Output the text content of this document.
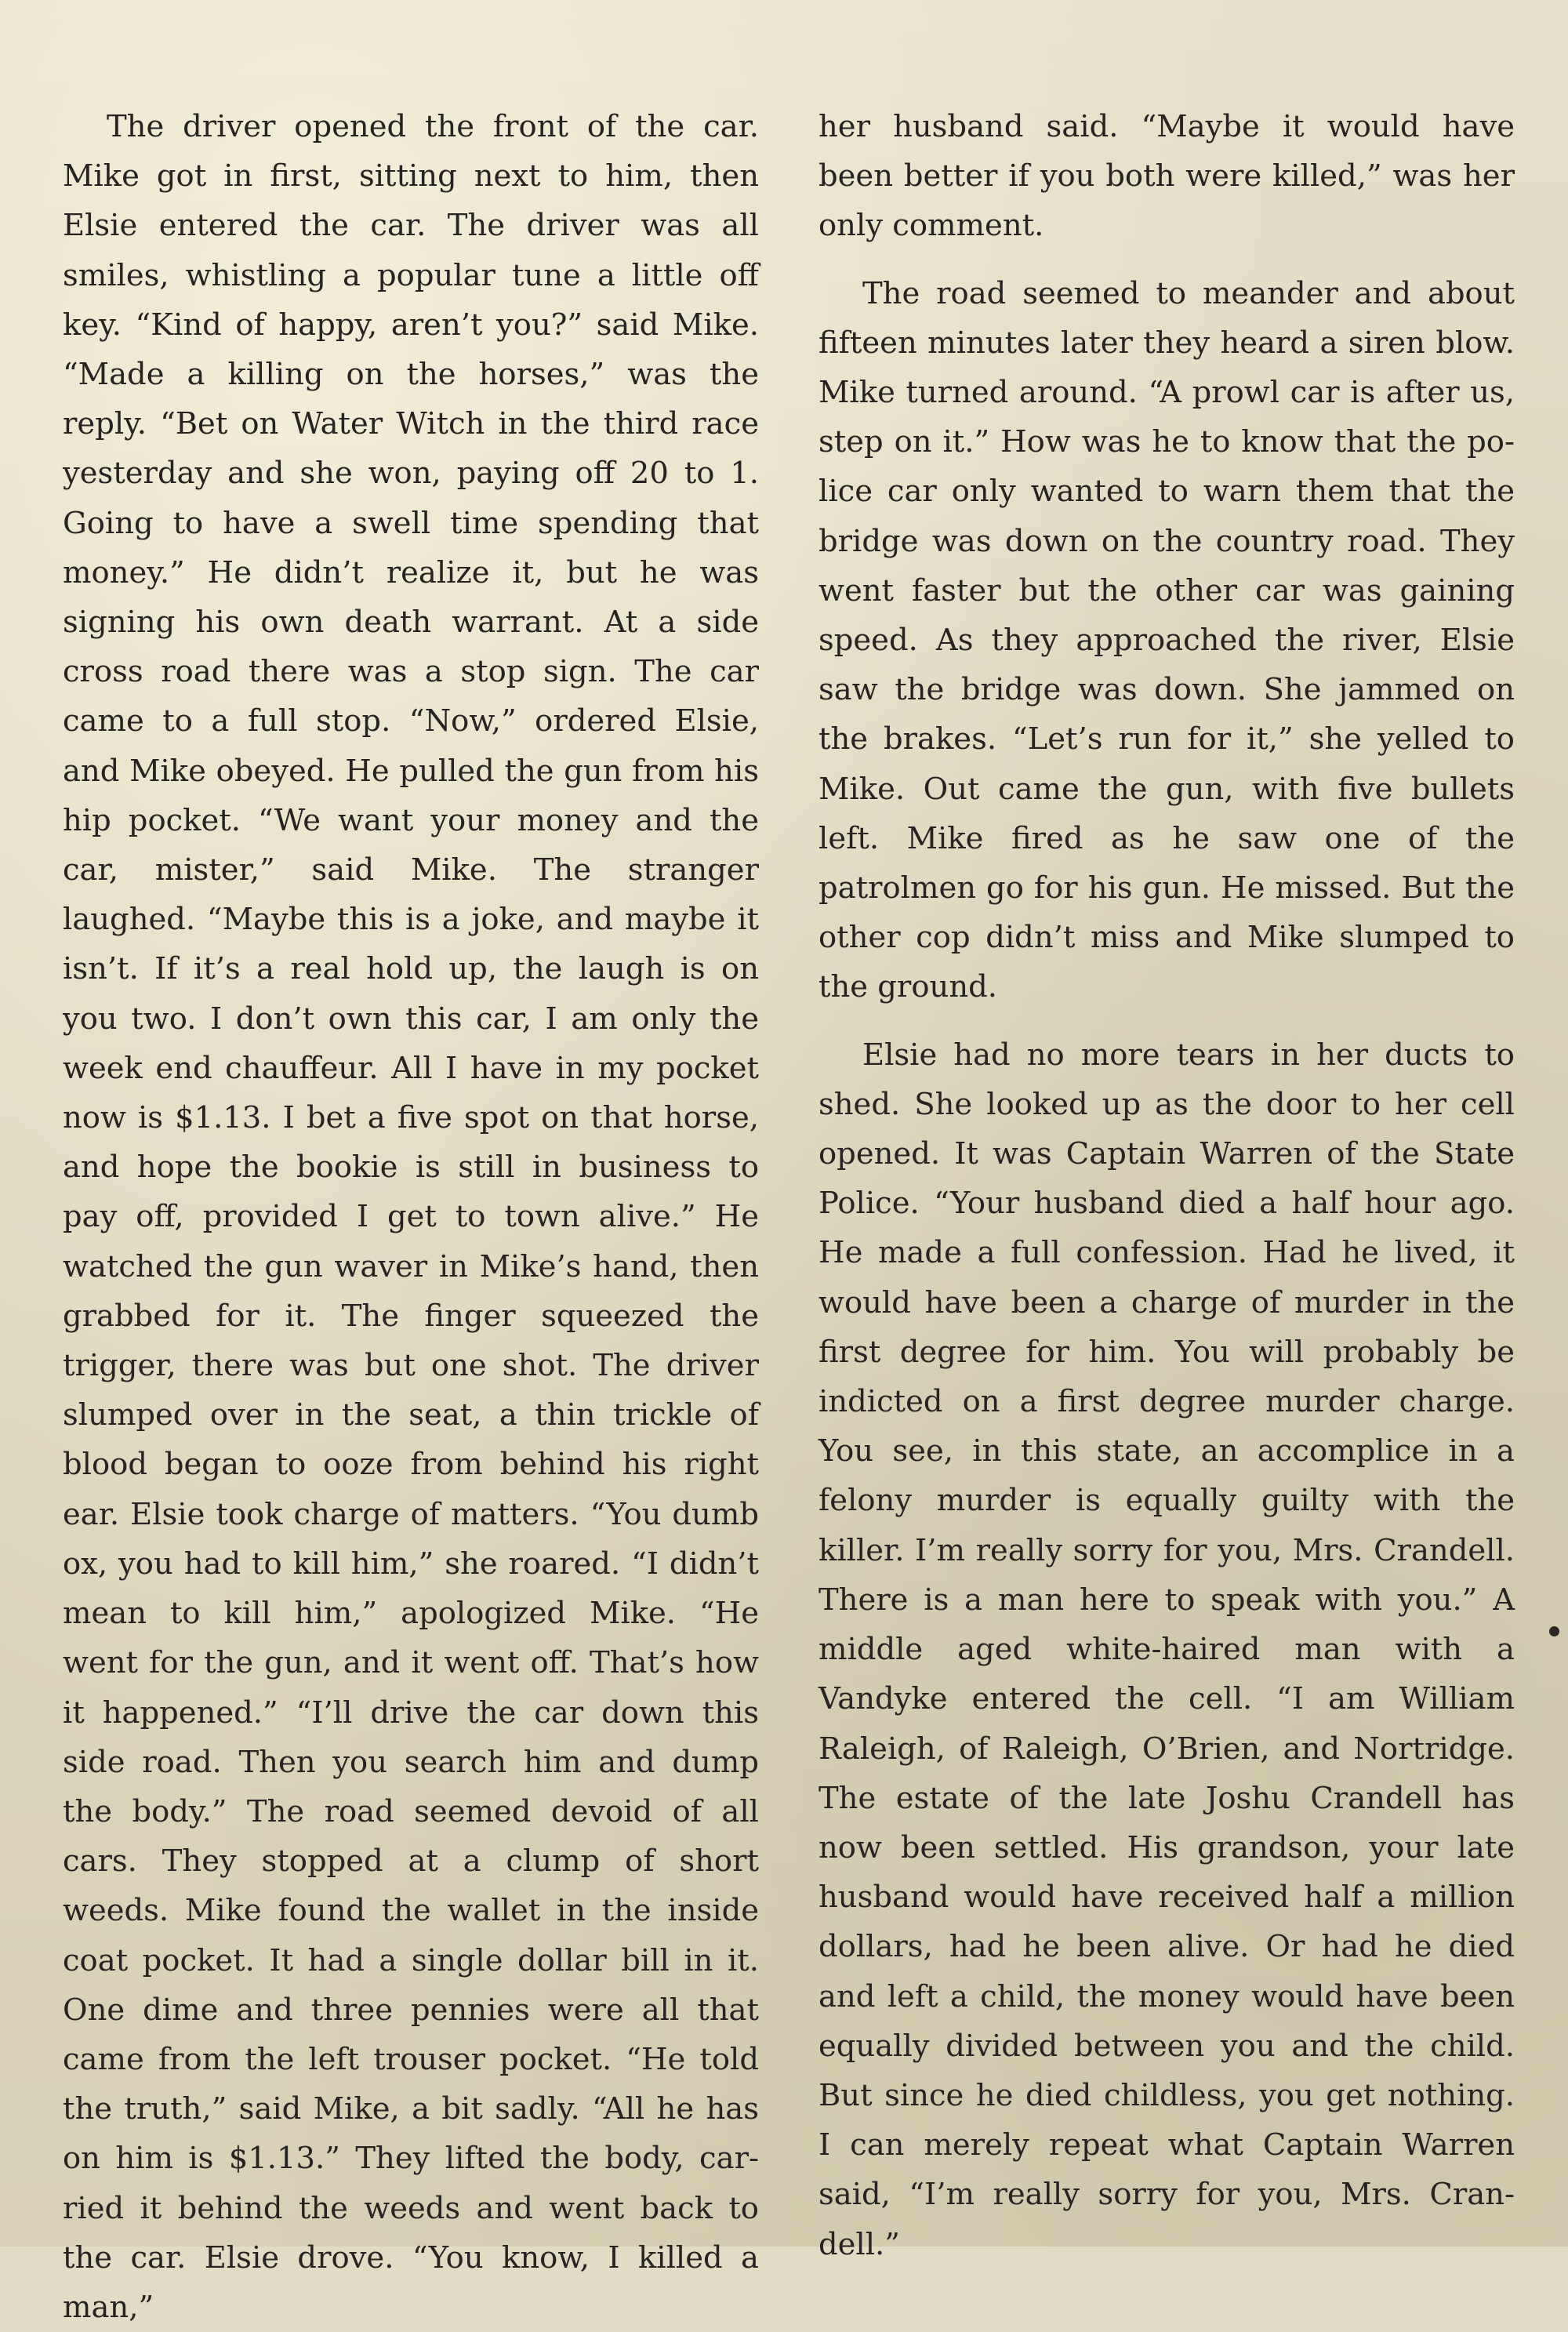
The driver opened the front of the car. Mike got in first, sitting next to him, then Elsie entered the car. The driver was all smiles, whistling a popular tune a little off key. “Kind of happy, aren’t you?” said Mike. “Made a killing on the horses,” was the reply. “Bet on Water Witch in the third race yesterday and she won, paying off 20 to 1. Going to have a swell time spending that money.” He didn’t realize it, but he was signing his own death warrant. At a side cross road there was a stop sign. The car came to a full stop. “Now,” ordered Elsie, and Mike obeyed. He pulled the gun from his hip pocket. “We want your money and the car, mister,” said Mike. The stranger laughed. “Maybe this is a joke, and maybe it isn’t. If it’s a real hold up, the laugh is on you two. I don’t own this car, I am only the week end chauffeur. All I have in my pocket now is $1.13. I bet a five spot on that horse, and hope the bookie is still in business to pay off, provided I get to town alive.” He watched the gun waver in Mike’s hand, then grabbed for it. The finger squeezed the trigger, there was but one shot. The driver slumped over in the seat, a thin trickle of blood began to ooze from behind his right ear. Elsie took charge of matters. “You dumb ox, you had to kill him,” she roared. “I didn’t mean to kill him,” apologized Mike. “He went for the gun, and it went off. That’s how it happened.” “I’ll drive the car down this side road. Then you search him and dump the body.” The road seemed devoid of all cars. They stopped at a clump of short weeds. Mike found the wallet in the inside coat pocket. It had a single dollar bill in it. One dime and three pennies were all that came from the left trouser pocket. “He told the truth,” said Mike, a bit sadly. “All he has on him is $1.13.” They lifted the body, carried it behind the weeds and went back to the car. Elsie drove. “You know, I killed a man,”

her husband said. “Maybe it would have been better if you both were killed,” was her only comment.

The road seemed to meander and about fifteen minutes later they heard a siren blow. Mike turned around. “A prowl car is after us, step on it.” How was he to know that the police car only wanted to warn them that the bridge was down on the country road. They went faster but the other car was gaining speed. As they approached the river, Elsie saw the bridge was down. She jammed on the brakes. “Let’s run for it,” she yelled to Mike. Out came the gun, with five bullets left. Mike fired as he saw one of the patrolmen go for his gun. He missed. But the other cop didn’t miss and Mike slumped to the ground.

Elsie had no more tears in her ducts to shed. She looked up as the door to her cell opened. It was Captain Warren of the State Police. “Your husband died a half hour ago. He made a full confession. Had he lived, it would have been a charge of murder in the first degree for him. You will probably be indicted on a first degree murder charge. You see, in this state, an accomplice in a felony murder is equally guilty with the killer. I’m really sorry for you, Mrs. Crandell. There is a man here to speak with you.” A middle aged white-haired man with a Vandyke entered the cell. “I am William Raleigh, of Raleigh, O’Brien, and Nortridge. The estate of the late Joshu Crandell has now been settled. His grandson, your late husband would have received half a million dollars, had he been alive. Or had he died and left a child, the money would have been equally divided between you and the child. But since he died childless, you get nothing. I can merely repeat what Captain Warren said, “I’m really sorry for you, Mrs. Crandell.”
